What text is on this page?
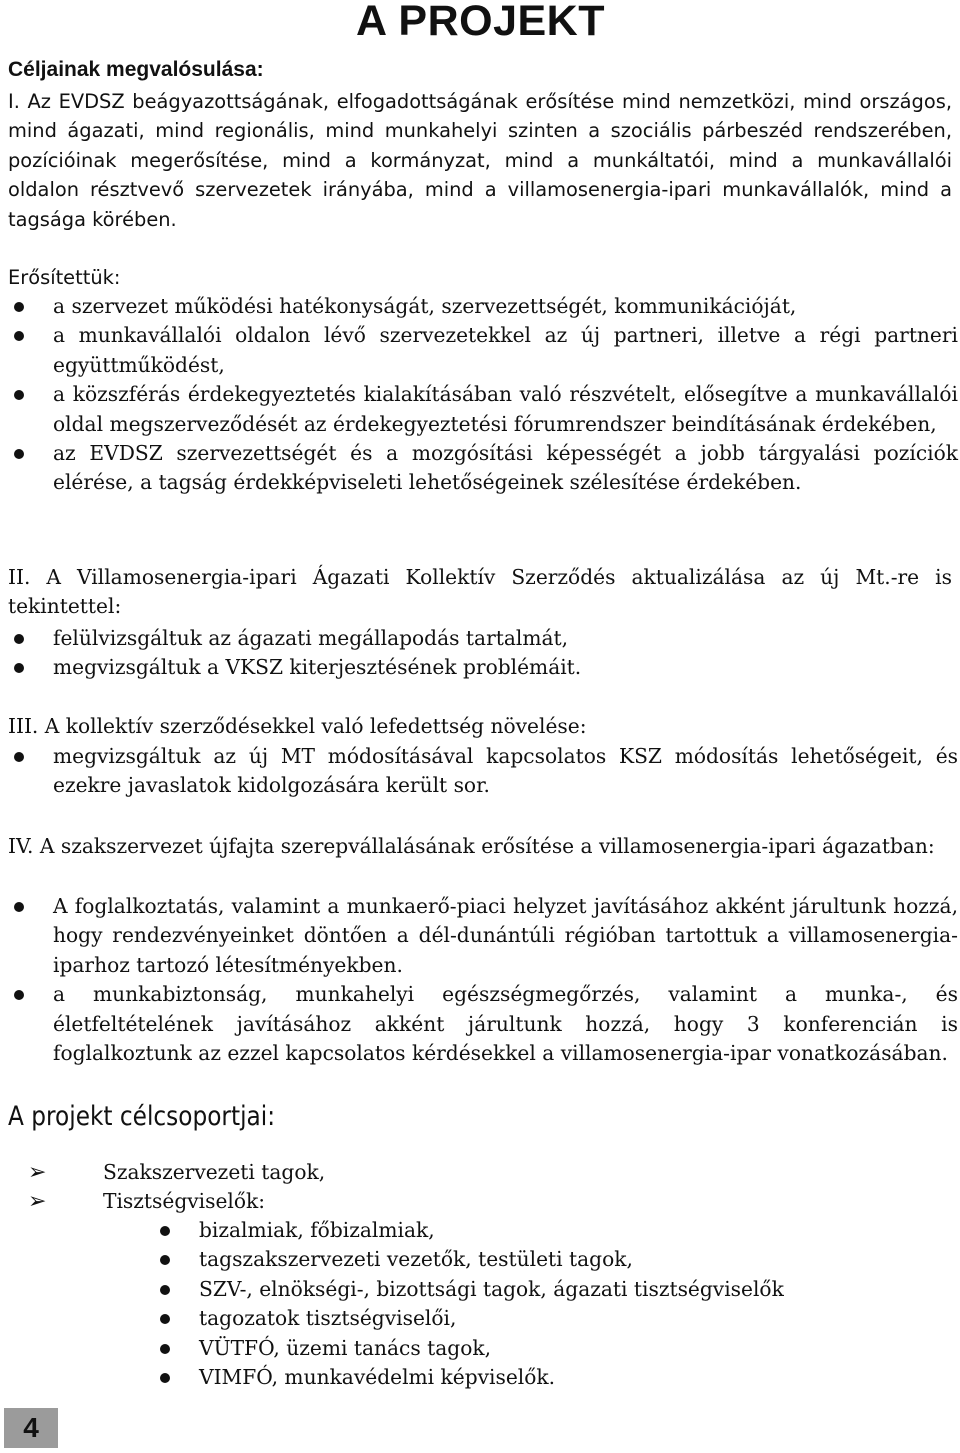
A PROJEKT
Céljainak megvalósulása:

I. Az EVDSZ beágyazottságának, elfogadottságának erősítése mind nemzetközi, mind országos, mind ágazati, mind regionális, mind munkahelyi szinten a szociális párbeszéd rendszerében, pozícióinak megerősítése, mind a kormányzat, mind a munkáltatói, mind a munkavállalói oldalon résztvevő szervezetek irányába, mind a villamosenergia-ipari munkavállalók, mind a tagsága körében.

Erősítettük:

a szervezet működési hatékonyságát, szervezettségét, kommunikációját,
a munkavállalói oldalon lévő szervezetekkel az új partneri, illetve a régi partneri együttműködést,
a közszférás érdekegyeztetés kialakításában való részvételt, elősegítve a munkavállalói oldal megszerveződését az érdekegyeztetési fórumrendszer beindításának érdekében,
az EVDSZ szervezettségét és a mozgósítási képességét a jobb tárgyalási pozíciók elérése, a tagság érdekképviseleti lehetőségeinek szélesítése érdekében.

II. A Villamosenergia-ipari Ágazati Kollektív Szerződés aktualizálása az új Mt.-re is tekintettel:

felülvizsgáltuk az ágazati megállapodás tartalmát,
megvizsgáltuk a VKSZ kiterjesztésének problémáit.

III. A kollektív szerződésekkel való lefedettség növelése:

megvizsgáltuk az új MT módosításával kapcsolatos KSZ módosítás lehetőségeit, és ezekre javaslatok kidolgozására került sor.

IV. A szakszervezet újfajta szerepvállalásának erősítése a villamosenergia-ipari ágazatban:

A foglalkoztatás, valamint a munkaerő-piaci helyzet javításához akként járultunk hozzá, hogy rendezvényeinket döntően a dél-dunántúli régióban tartottuk a villamosenergia-iparhoz tartozó létesítményekben.
a munkabiztonság, munkahelyi egészségmegőrzés, valamint a munka-, és életfeltételének javításához akként járultunk hozzá, hogy 3 konferencián is foglalkoztunk az ezzel kapcsolatos kérdésekkel a villamosenergia-ipar vonatkozásában.
A projekt célcsoportjai:
➢	Szakszervezeti tagok,
➢	Tisztségviselők:
bizalmiak, főbizalmiak,
tagszakszervezeti vezetők, testületi tagok,
SZV-, elnökségi-, bizottsági tagok, ágazati tisztségviselők
tagozatok tisztségviselői,
VÜTFÓ, üzemi tanács tagok,
VIMFÓ, munkavédelmi képviselők.
4
